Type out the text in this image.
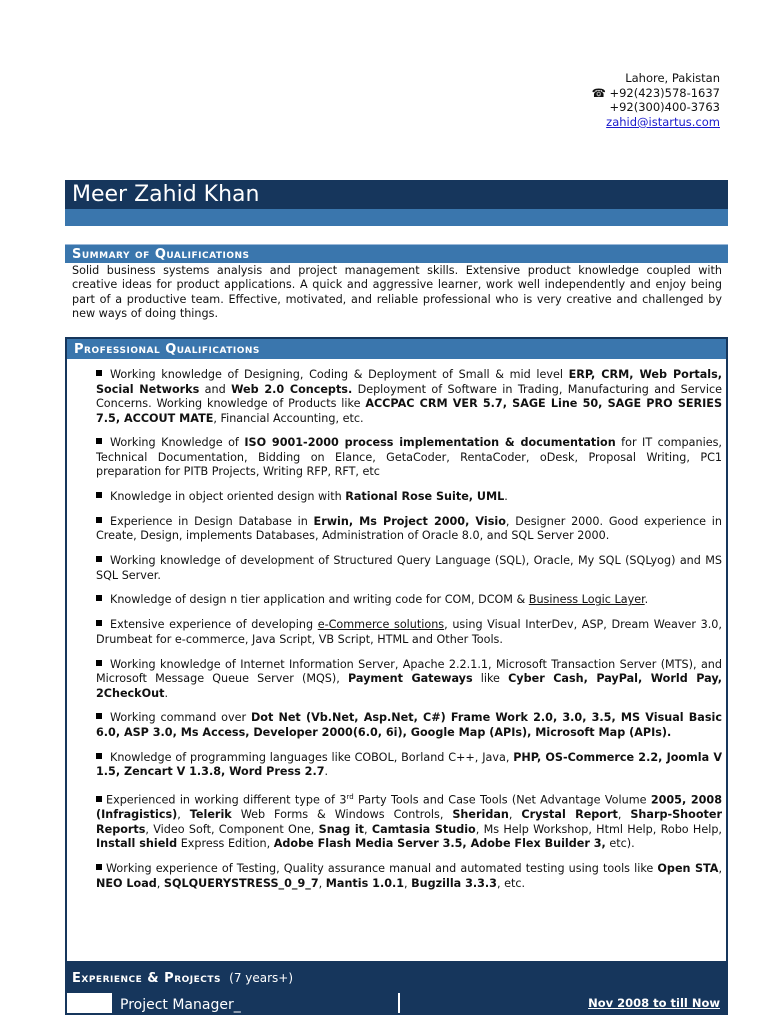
Lahore, Pakistan
☎ +92(423)578-1637
+92(300)400-3763
zahid@istartus.com
Meer Zahid Khan
Summary of Qualifications

Solid business systems analysis and project management skills. Extensive product knowledge coupled with creative ideas for product applications. A quick and aggressive learner, work well independently and enjoy being part of a productive team. Effective, motivated, and reliable professional who is very creative and challenged by new ways of doing things.

Professional Qualifications
Working knowledge of Designing, Coding & Deployment of Small & mid level ERP, CRM, Web Portals, Social Networks and Web 2.0 Concepts. Deployment of Software in Trading, Manufacturing and Service Concerns. Working knowledge of Products like ACCPAC CRM VER 5.7, SAGE Line 50, SAGE PRO SERIES 7.5, ACCOUT MATE, Financial Accounting, etc.
Working Knowledge of ISO 9001-2000 process implementation & documentation for IT companies, Technical Documentation, Bidding on Elance, GetaCoder, RentaCoder, oDesk, Proposal Writing, PC1 preparation for PITB Projects, Writing RFP, RFT, etc
Knowledge in object oriented design with Rational Rose Suite, UML.
Experience in Design Database in Erwin, Ms Project 2000, Visio, Designer 2000. Good experience in Create, Design, implements Databases, Administration of Oracle 8.0, and SQL Server 2000.
Working knowledge of development of Structured Query Language (SQL), Oracle, My SQL (SQLyog) and MS SQL Server.
Knowledge of design n tier application and writing code for COM, DCOM & Business Logic Layer.
Extensive experience of developing e-Commerce solutions, using Visual InterDev, ASP, Dream Weaver 3.0, Drumbeat for e-commerce, Java Script, VB Script, HTML and Other Tools.
Working knowledge of Internet Information Server, Apache 2.2.1.1, Microsoft Transaction Server (MTS), and Microsoft Message Queue Server (MQS), Payment Gateways like Cyber Cash, PayPal, World Pay, 2CheckOut.
Working command over Dot Net (Vb.Net, Asp.Net, C#) Frame Work 2.0, 3.0, 3.5, MS Visual Basic 6.0, ASP 3.0, Ms Access, Developer 2000(6.0, 6i), Google Map (APIs), Microsoft Map (APIs).
Knowledge of programming languages like COBOL, Borland C++, Java, PHP, OS-Commerce 2.2, Joomla V 1.5, Zencart V 1.3.8, Word Press 2.7.
Experienced in working different type of 3rd Party Tools and Case Tools (Net Advantage Volume 2005, 2008 (Infragistics), Telerik Web Forms & Windows Controls, Sheridan, Crystal Report, Sharp-Shooter Reports, Video Soft, Component One, Snag it, Camtasia Studio, Ms Help Workshop, Html Help, Robo Help, Install shield Express Edition, Adobe Flash Media Server 3.5, Adobe Flex Builder 3, etc).
Working experience of Testing, Quality assurance manual and automated testing using tools like Open STA, NEO Load, SQLQUERYSTRESS_0_9_7, Mantis 1.0.1, Bugzilla 3.3.3, etc.
Experience & Projects (7 years+)
Project Manager_	Nov 2008 to till Now
